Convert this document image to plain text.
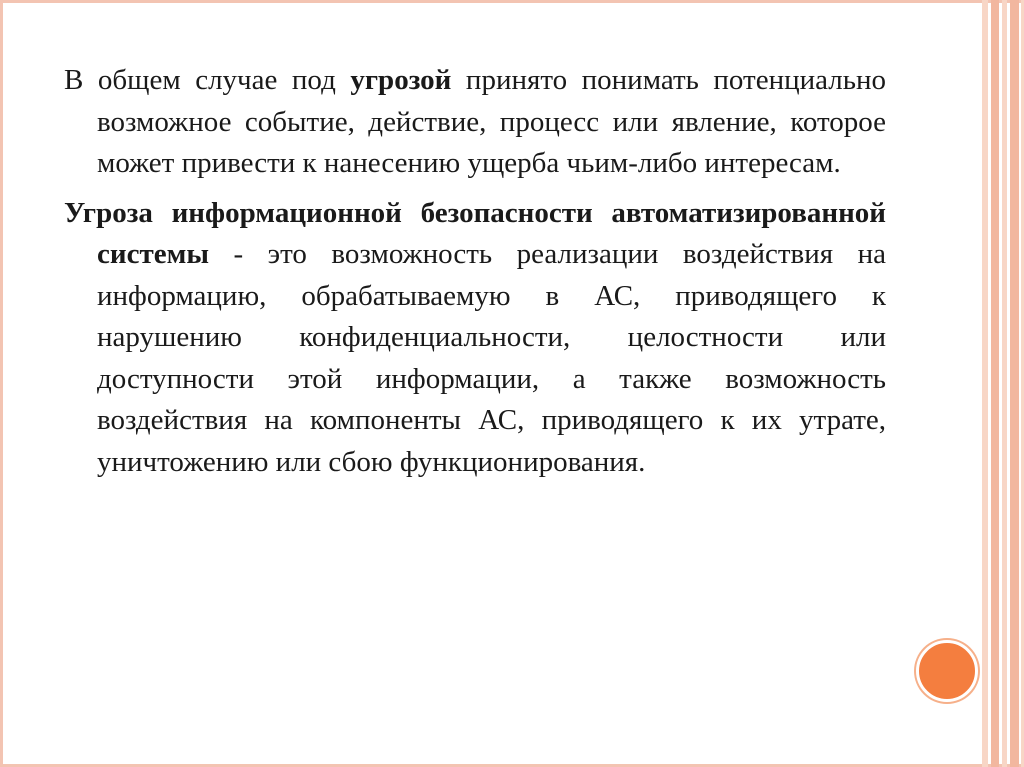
В общем случае под угрозой принято понимать потенциально возможное событие, действие, процесс или явление, которое может привести к нанесению ущерба чьим-либо интересам.

Угроза информационной безопасности автоматизированной системы - это возможность реализации воздействия на информацию, обрабатываемую в АС, приводящего к нарушению конфиденциальности, целостности или доступности этой информации, а также возможность воздействия на компоненты АС, приводящего к их утрате, уничтожению или сбою функционирования.
